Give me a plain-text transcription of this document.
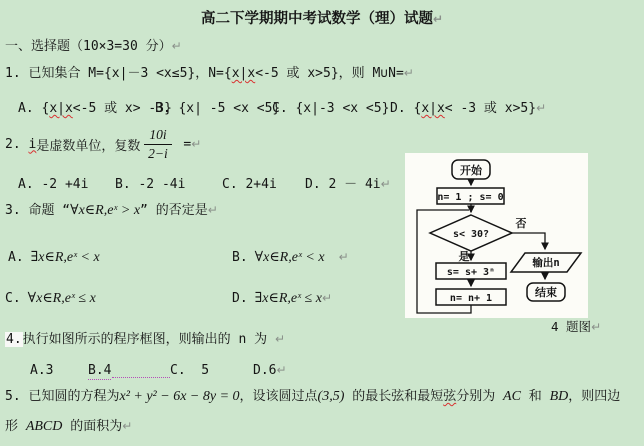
高二下学期期中考试数学（理）试题↵
一、选择题（10×3=30 分）↵
1. 已知集合 M={x|－3 <x≤5}，N={x|x<-5 或 x>5}，则 M∪N=↵
A. {x|x<-5 或 x> -3}
B. {x| -5 <x <5}
C. {x|-3 <x <5} D. {x|x< -3 或 x>5}↵
2. i 是虚数单位，复数 $\frac{10i}{2-i}$ = ↵
A. -2 +4i B. -2 -4i	C. 2+4i D. 2 － 4i↵
3. 命题 “∀x∈R,eˣ > x” 的否定是↵
A. ∃x∈R,eˣ < x	B. ∀x∈R,eˣ < x ↵
C. ∀x∈R,eˣ ≤ x	D. ∃x∈R,eˣ ≤ x↵
4.执行如图所示的程序框图，则输出的 n 为 ↵
A.3	B.4	C.  5	D.6↵
5. 已知圆的方程为x² + y² − 6x − 8y = 0，设该圆过点(3,5) 的最长弦和最短弦分别为 AC 和 BD，则四边
形 ABCD 的面积为↵
开始
n= 1 ; s= 0
s< 30?
是
s= s+ 3ⁿ
n= n+ 1
否
输出n
结束
4 题图↵
